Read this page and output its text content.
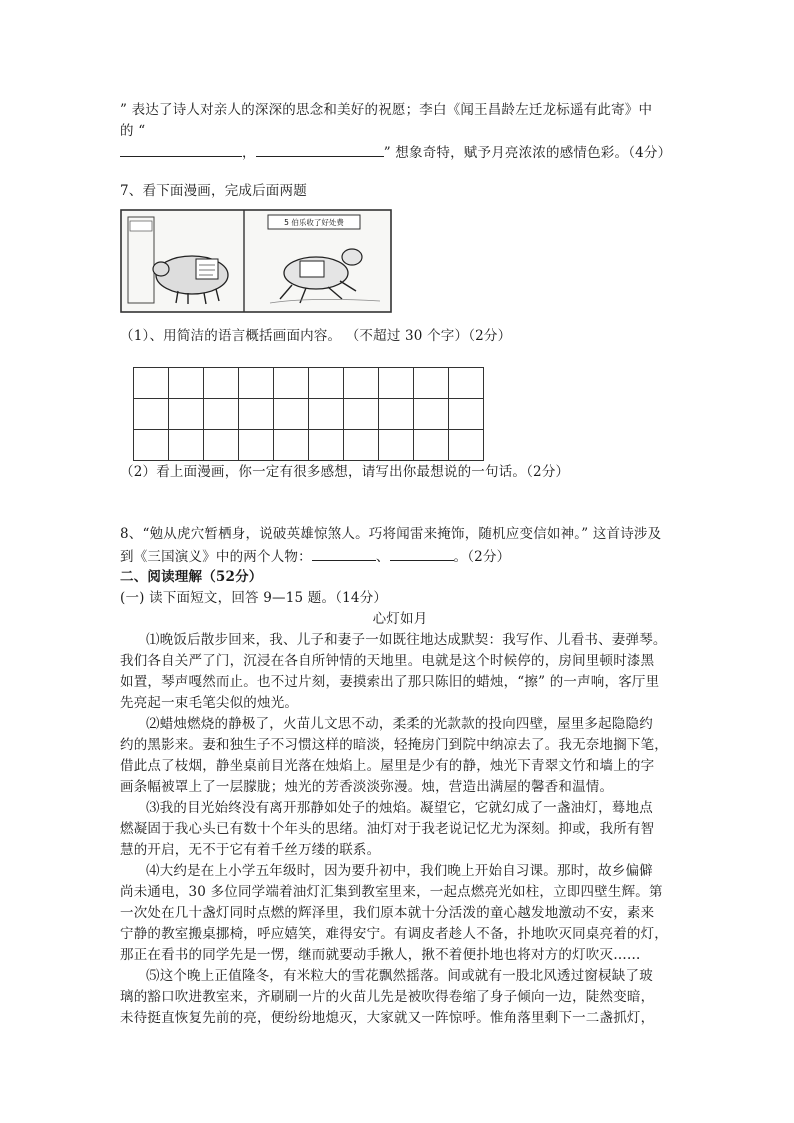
” 表达了诗人对亲人的深深的思念和美好的祝愿；李白《闻王昌龄左迁龙标遥有此寄》中
的 “
，	” 想象奇特，赋予月亮浓浓的感情色彩。（4分）
7、看下面漫画，完成后面两题
5 伯乐收了好处费
（1）、用简洁的语言概括画面内容。 （不超过 30 个字）（2分）

（2）看上面漫画，你一定有很多感想，请写出你最想说的一句话。（2分）
8、“勉从虎穴暂栖身，说破英雄惊煞人。巧将闻雷来掩饰，随机应变信如神。” 这首诗涉及
到《三国演义》中的两个人物：	、	。（2分）
二、阅读理解（52分）
(一) 读下面短文，回答 9—15 题。（14分）
心灯如月
⑴晚饭后散步回来，我、儿子和妻子一如既往地达成默契：我写作、儿看书、妻弹琴。
我们各自关严了门，沉浸在各自所钟情的天地里。电就是这个时候停的，房间里顿时漆黑
如置，琴声嘎然而止。也不过片刻，妻摸索出了那只陈旧的蜡烛，“擦” 的一声响，客厅里
先亮起一束毛笔尖似的烛光。
⑵蜡烛燃烧的静极了，火苗儿文思不动，柔柔的光款款的投向四壁，屋里多起隐隐约
约的黑影来。妻和独生子不习惯这样的暗淡，轻掩房门到院中纳凉去了。我无奈地搁下笔，
借此点了枝烟，静坐桌前目光落在烛焰上。屋里是少有的静，烛光下青翠文竹和墙上的字
画条幅被罩上了一层朦胧；烛光的芳香淡淡弥漫。烛，营造出满屋的馨香和温情。
⑶我的目光始终没有离开那静如处子的烛焰。凝望它，它就幻成了一盏油灯，蓦地点
燃凝固于我心头已有数十个年头的思绪。油灯对于我老说记忆尤为深刻。抑或，我所有智
慧的开启，无不于它有着千丝万缕的联系。
⑷大约是在上小学五年级时，因为要升初中，我们晚上开始自习课。那时，故乡偏僻
尚未通电，30 多位同学端着油灯汇集到教室里来，一起点燃亮光如柱，立即四壁生辉。第
一次处在几十盏灯同时点燃的辉泽里，我们原本就十分活泼的童心越发地激动不安，素来
宁静的教室搬桌挪椅，呼应嬉笑，难得安宁。有调皮者趁人不备，扑地吹灭同桌亮着的灯，
那正在看书的同学先是一愣，继而就要动手揪人，揪不着便扑地也将对方的灯吹灭……
⑸这个晚上正值隆冬，有米粒大的雪花飘然摇落。间或就有一股北风透过窗棂缺了玻
璃的豁口吹进教室来，齐刷刷一片的火苗儿先是被吹得卷缩了身子倾向一边，陡然变暗，
未待挺直恢复先前的亮，便纷纷地熄灭，大家就又一阵惊呼。惟角落里剩下一二盏抓灯，
